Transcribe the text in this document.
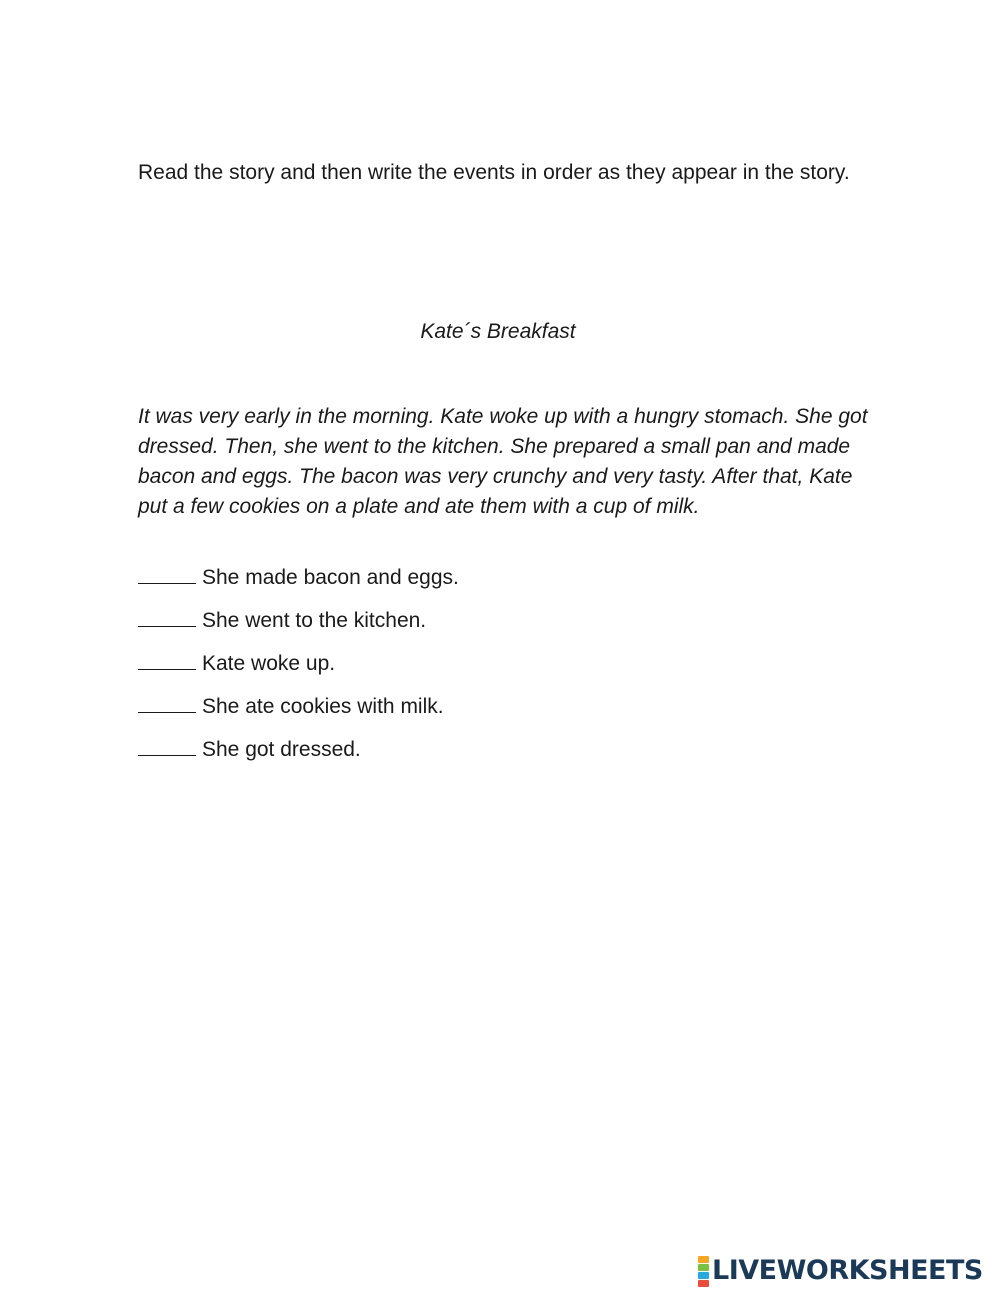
Read the story and then write the events in order as they appear in the story.

Kate´s Breakfast

It was very early in the morning. Kate woke up with a hungry stomach. She got dressed. Then, she went to the kitchen. She prepared a small pan and made bacon and eggs. The bacon was very crunchy and very tasty. After that, Kate put a few cookies on a plate and ate them with a cup of milk.

She made bacon and eggs.
She went to the kitchen.
Kate woke up.
She ate cookies with milk.
She got dressed.
LIVEWORKSHEETS
